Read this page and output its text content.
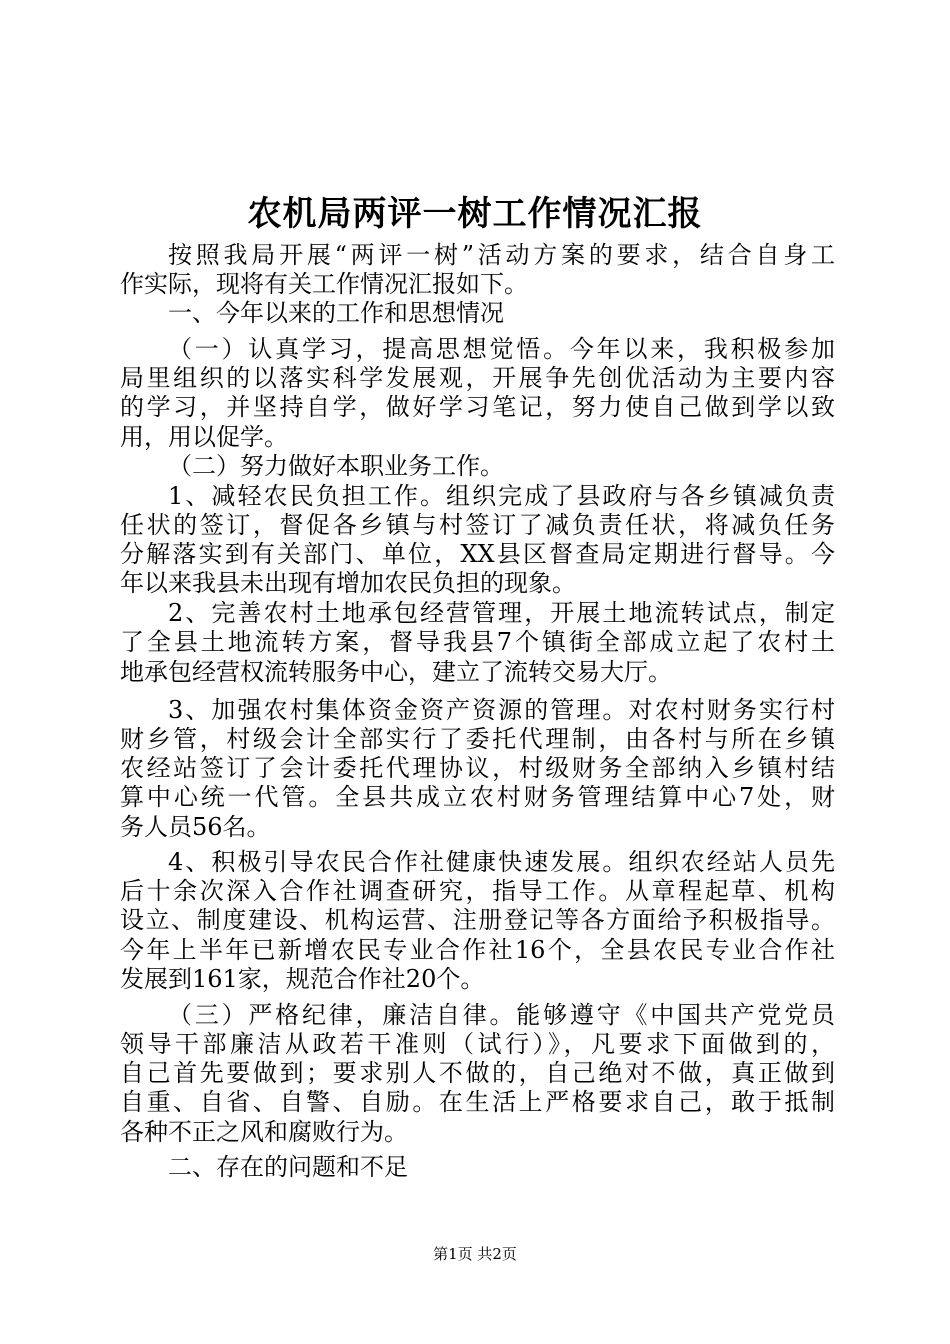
农机局两评一树工作情况汇报
按照我局开展“两评一树”活动方案的要求，结合自身工
作实际，现将有关工作情况汇报如下。
一、今年以来的工作和思想情况
（一）认真学习，提高思想觉悟。今年以来，我积极参加
局里组织的以落实科学发展观，开展争先创优活动为主要内容
的学习，并坚持自学，做好学习笔记，努力使自己做到学以致
用，用以促学。
（二）努力做好本职业务工作。
1、减轻农民负担工作。组织完成了县政府与各乡镇减负责
任状的签订，督促各乡镇与村签订了减负责任状，将减负任务
分解落实到有关部门、单位，XX县区督查局定期进行督导。今
年以来我县未出现有增加农民负担的现象。
2、完善农村土地承包经营管理，开展土地流转试点，制定
了全县土地流转方案，督导我县7个镇街全部成立起了农村土
地承包经营权流转服务中心，建立了流转交易大厅。
3、加强农村集体资金资产资源的管理。对农村财务实行村
财乡管，村级会计全部实行了委托代理制，由各村与所在乡镇
农经站签订了会计委托代理协议，村级财务全部纳入乡镇村结
算中心统一代管。全县共成立农村财务管理结算中心7处，财
务人员56名。
4、积极引导农民合作社健康快速发展。组织农经站人员先
后十余次深入合作社调查研究，指导工作。从章程起草、机构
设立、制度建设、机构运营、注册登记等各方面给予积极指导。
今年上半年已新增农民专业合作社16个，全县农民专业合作社
发展到161家，规范合作社20个。
（三）严格纪律，廉洁自律。能够遵守《中国共产党党员
领导干部廉洁从政若干准则（试行）》，凡要求下面做到的，
自己首先要做到；要求别人不做的，自己绝对不做，真正做到
自重、自省、自警、自励。在生活上严格要求自己，敢于抵制
各种不正之风和腐败行为。
二、存在的问题和不足
第1页 共2页
